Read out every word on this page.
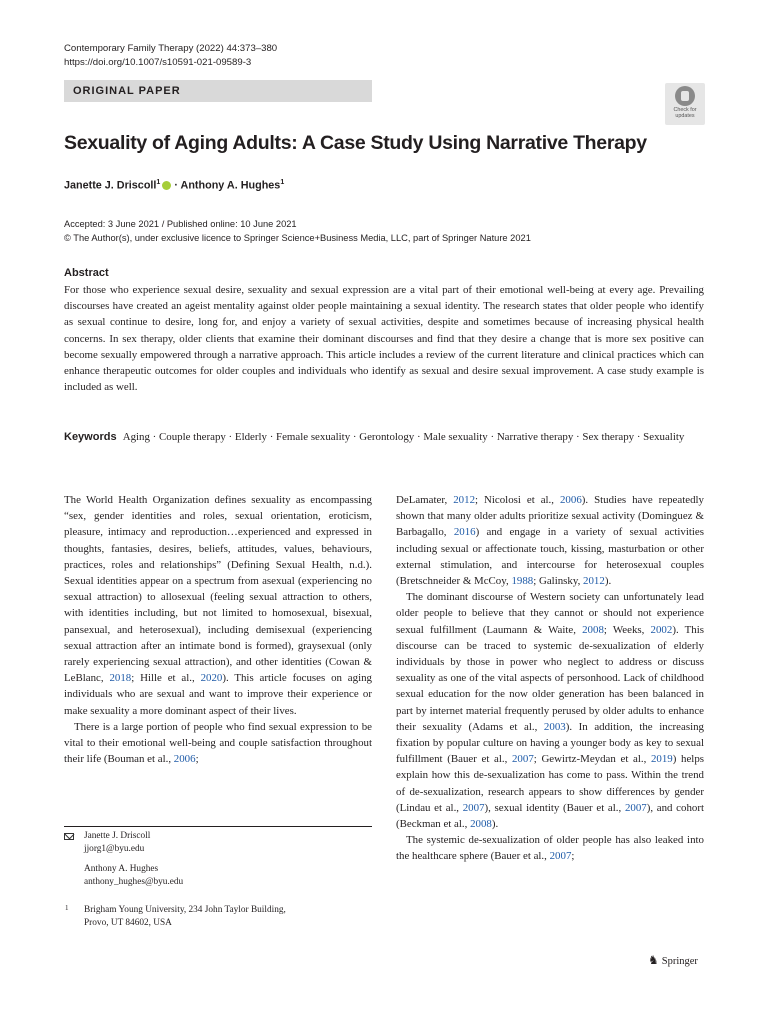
Contemporary Family Therapy (2022) 44:373–380
https://doi.org/10.1007/s10591-021-09589-3
ORIGINAL PAPER
Check for
updates
Sexuality of Aging Adults: A Case Study Using Narrative Therapy
Janette J. Driscoll$^1$ · Anthony A. Hughes$^1$
Accepted: 3 June 2021 / Published online: 10 June 2021
© The Author(s), under exclusive licence to Springer Science+Business Media, LLC, part of Springer Nature 2021
Abstract
For those who experience sexual desire, sexuality and sexual expression are a vital part of their emotional well-being at every age. Prevailing discourses have created an ageist mentality against older people maintaining a sexual identity. The research states that older people who identify as sexual continue to desire, long for, and enjoy a variety of sexual activities, despite and sometimes because of increasing physical health concerns. In sex therapy, older clients that examine their dominant discourses and find that they desire a change that is more sex positive can become sexually empowered through a narrative approach. This article includes a review of the current literature and clinical practices which can enhance therapeutic outcomes for older couples and individuals who identify as sexual and desire sexual improvement. A case study example is included as well.
Keywords Aging · Couple therapy · Elderly · Female sexuality · Gerontology · Male sexuality · Narrative therapy · Sex therapy · Sexuality

The World Health Organization defines sexuality as encompassing “sex, gender identities and roles, sexual orientation, eroticism, pleasure, intimacy and reproduction…experienced and expressed in thoughts, fantasies, desires, beliefs, attitudes, values, behaviours, practices, roles and relationships” (Defining Sexual Health, n.d.). Sexual identities appear on a spectrum from asexual (experiencing no sexual attraction) to allosexual (feeling sexual attraction to others, with identities including, but not limited to homosexual, bisexual, pansexual, and heterosexual), including demisexual (experiencing sexual attraction after an intimate bond is formed), graysexual (only rarely experiencing sexual attraction), and other identities (Cowan & LeBlanc, 2018; Hille et al., 2020). This article focuses on aging individuals who are sexual and want to improve their experience or make sexuality a more dominant aspect of their lives.

There is a large portion of people who find sexual expression to be vital to their emotional well-being and couple satisfaction throughout their life (Bouman et al., 2006;

DeLamater, 2012; Nicolosi et al., 2006). Studies have repeatedly shown that many older adults prioritize sexual activity (Dominguez & Barbagallo, 2016) and engage in a variety of sexual activities including sexual or affectionate touch, kissing, masturbation or other external stimulation, and intercourse for heterosexual couples (Bretschneider & McCoy, 1988; Galinsky, 2012).

The dominant discourse of Western society can unfortunately lead older people to believe that they cannot or should not experience sexual fulfillment (Laumann & Waite, 2008; Weeks, 2002). This discourse can be traced to systemic de-sexualization of elderly individuals by those in power who neglect to address or discuss sexuality as one of the vital aspects of personhood. Lack of childhood sexual education for the now older generation has been balanced in part by internet material frequently perused by older adults to enhance their sexuality (Adams et al., 2003). In addition, the increasing fixation by popular culture on having a younger body as key to sexual fulfillment (Bauer et al., 2007; Gewirtz-Meydan et al., 2019) helps explain how this de-sexualization has come to pass. Within the trend of de-sexualization, research appears to show differences by gender (Lindau et al., 2007), sexual identity (Bauer et al., 2007), and cohort (Beckman et al., 2008).

The systemic de-sexualization of older people has also leaked into the healthcare sphere (Bauer et al., 2007;

Janette J. Driscoll
jjorg1@byu.edu
Anthony A. Hughes
anthony_hughes@byu.edu
1 Brigham Young University, 234 John Taylor Building,
Provo, UT 84602, USA
♞ Springer
